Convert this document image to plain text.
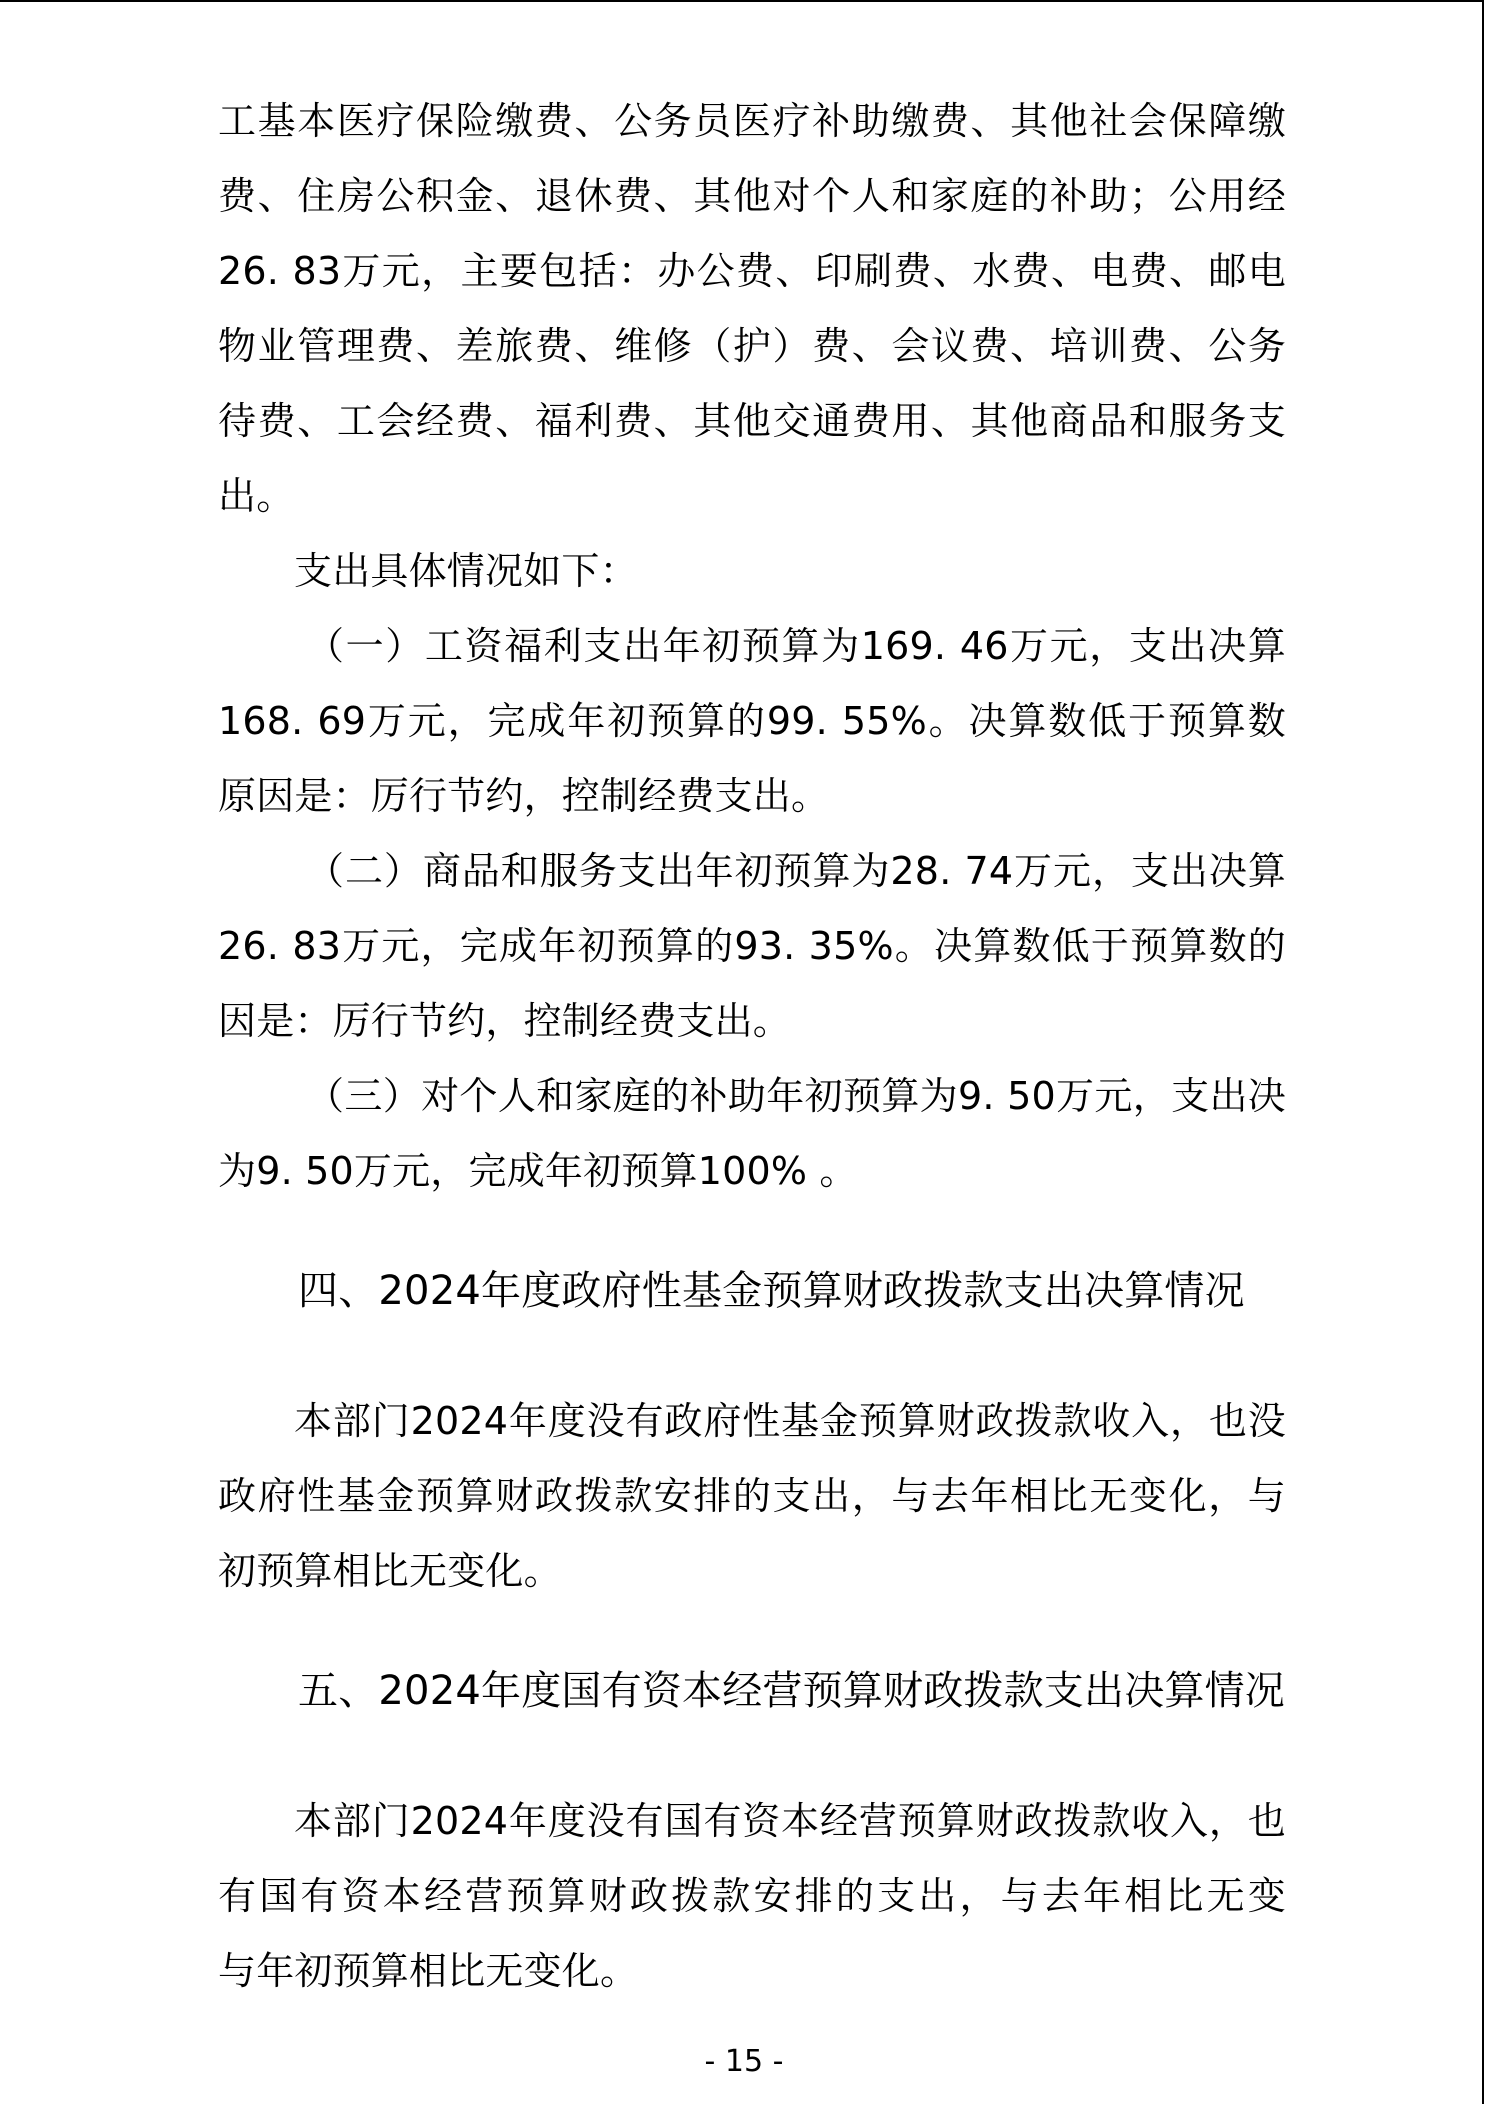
工基本医疗保险缴费、公务员医疗补助缴费、其他社会保障缴
费、住房公积金、退休费、其他对个人和家庭的补助；公用经
26. 83万元，主要包括：办公费、印刷费、水费、电费、邮电
物业管理费、差旅费、维修（护）费、会议费、培训费、公务
待费、工会经费、福利费、其他交通费用、其他商品和服务支
出。
支出具体情况如下：
（一）工资福利支出年初预算为169. 46万元，支出决算
168. 69万元，完成年初预算的99. 55%。决算数低于预算数
原因是：厉行节约，控制经费支出。
（二）商品和服务支出年初预算为28. 74万元，支出决算
26. 83万元，完成年初预算的93. 35%。决算数低于预算数的
因是：厉行节约，控制经费支出。
（三）对个人和家庭的补助年初预算为9. 50万元，支出决
为9. 50万元，完成年初预算100% 。
四、2024年度政府性基金预算财政拨款支出决算情况
本部门2024年度没有政府性基金预算财政拨款收入，也没
政府性基金预算财政拨款安排的支出，与去年相比无变化，与
初预算相比无变化。
五、2024年度国有资本经营预算财政拨款支出决算情况
本部门2024年度没有国有资本经营预算财政拨款收入，也
有国有资本经营预算财政拨款安排的支出，与去年相比无变
与年初预算相比无变化。
- 15 -
